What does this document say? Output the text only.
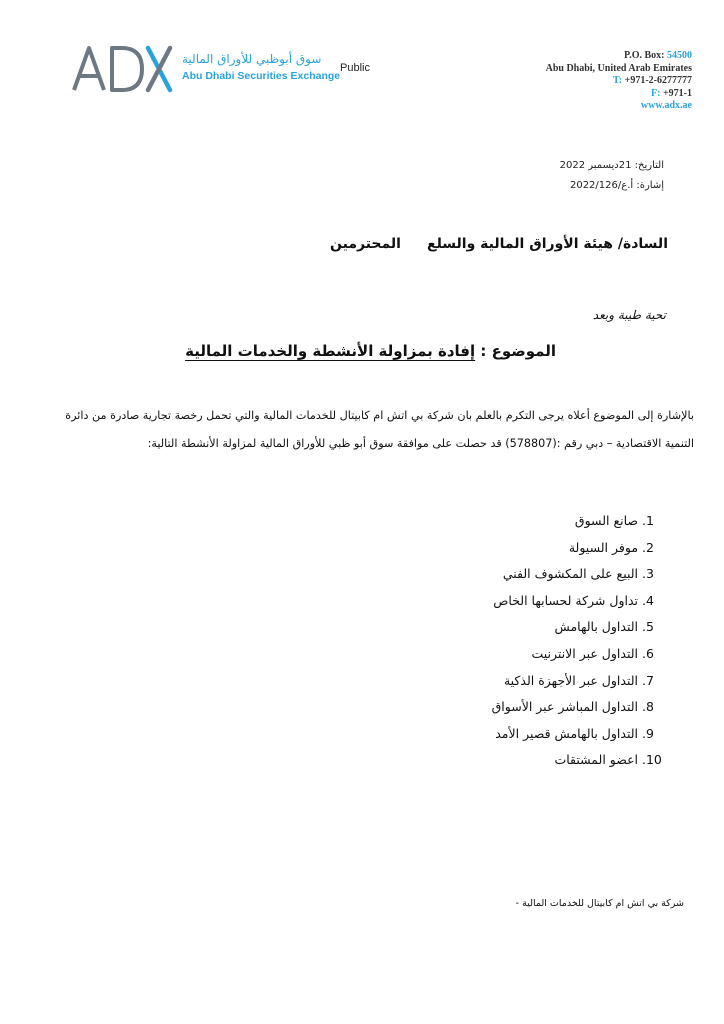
سوق أبوظبي للأوراق المالية
Abu Dhabi Securities Exchange
Public
P.O. Box: 54500
Abu Dhabi, United Arab Emirates
T: +971-2-6277777
F: +971-1
www.adx.ae
التاريخ: 21ديسمبر 2022
إشارة: أ.ع/2022/126
السادة/ هيئة الأوراق المالية والسلع
المحترمين
تحية طيبة وبعد
الموضوع : إفادة بمزاولة الأنشطة والخدمات المالية
بالإشارة إلى الموضوع أعلاه يرجى التكرم بالعلم بان شركة بي اتش ام كابيتال للخدمات المالية والتي تحمل رخصة تجارية صادرة من دائرة
التنمية الاقتصادية – دبي رقم :(578807) قد حصلت على موافقة سوق أبو ظبي للأوراق المالية لمزاولة الأنشطة التالية:
1. صانع السوق
2. موفر السيولة
3. البيع على المكشوف الفني
4. تداول شركة لحسابها الخاص
5. التداول بالهامش
6. التداول عبر الانترنيت
7. التداول عبر الأجهزة الذكية
8. التداول المباشر عبر الأسواق
9. التداول بالهامش قصير الأمد
10. اعضو المشتقات
شركة بي اتش ام كابيتال للخدمات المالية -
